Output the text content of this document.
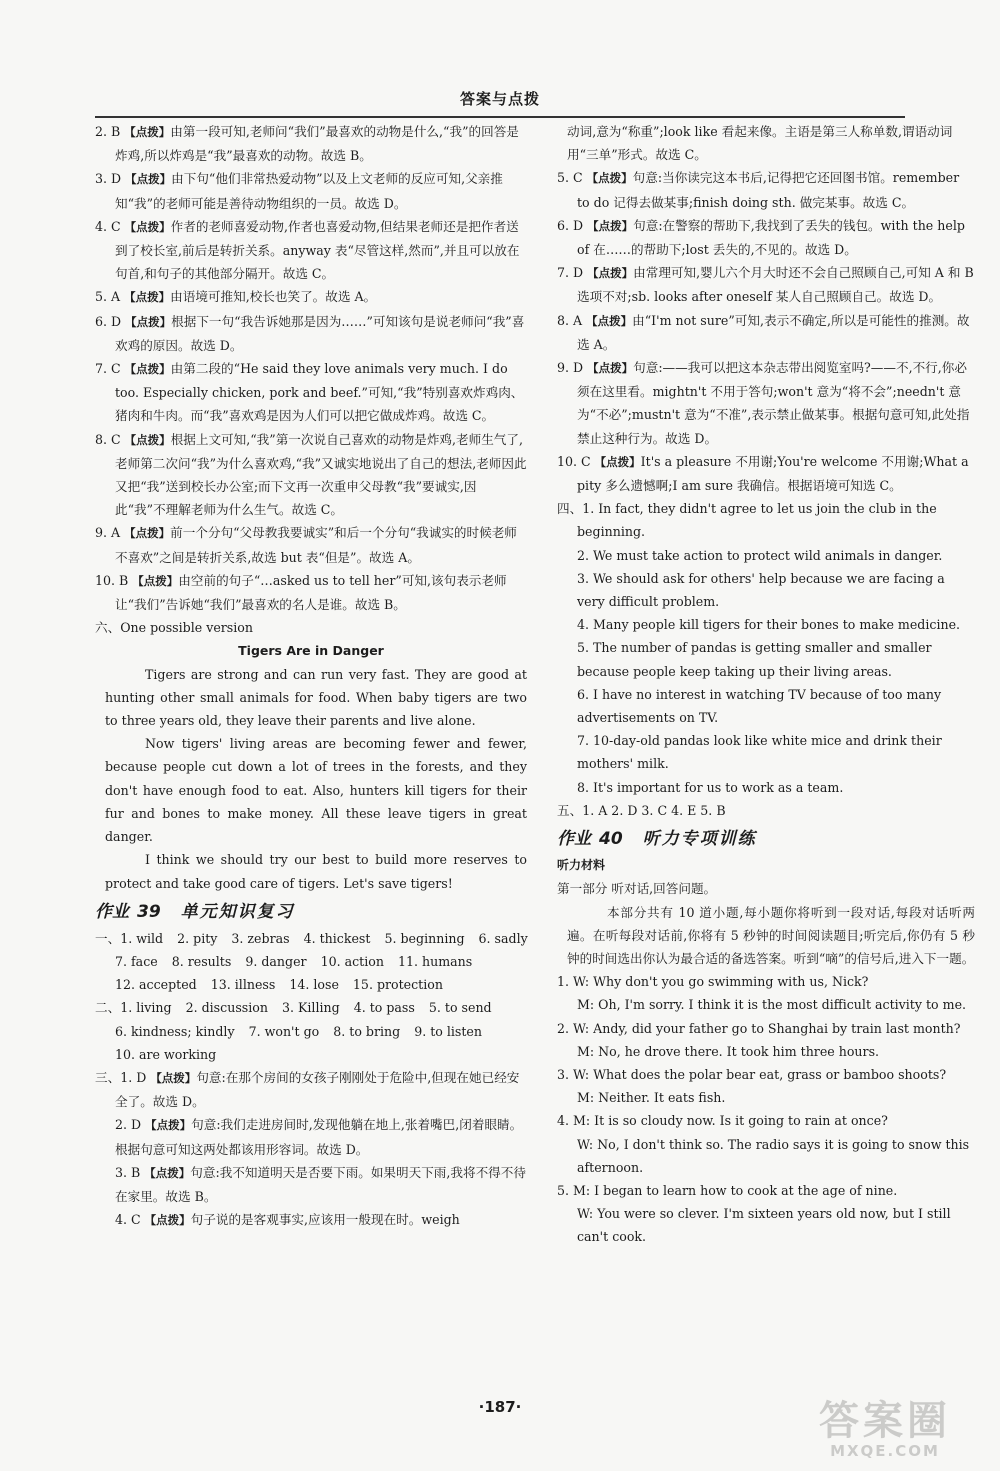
答案与点拨

2. B 【点拨】由第一段可知,老师问“我们”最喜欢的动物是什么,“我”的回答是炸鸡,所以炸鸡是“我”最喜欢的动物。故选 B。

3. D 【点拨】由下句“他们非常热爱动物”以及上文老师的反应可知,父亲推知“我”的老师可能是善待动物组织的一员。故选 D。

4. C 【点拨】作者的老师喜爱动物,作者也喜爱动物,但结果老师还是把作者送到了校长室,前后是转折关系。anyway 表“尽管这样,然而”,并且可以放在句首,和句子的其他部分隔开。故选 C。

5. A 【点拨】由语境可推知,校长也笑了。故选 A。

6. D 【点拨】根据下一句“我告诉她那是因为……”可知该句是说老师问“我”喜欢鸡的原因。故选 D。

7. C 【点拨】由第二段的“He said they love animals very much. I do too. Especially chicken, pork and beef.”可知,“我”特别喜欢炸鸡肉、猪肉和牛肉。而“我”喜欢鸡是因为人们可以把它做成炸鸡。故选 C。

8. C 【点拨】根据上文可知,“我”第一次说自己喜欢的动物是炸鸡,老师生气了,老师第二次问“我”为什么喜欢鸡,“我”又诚实地说出了自己的想法,老师因此又把“我”送到校长办公室;而下文再一次重申父母教“我”要诚实,因此“我”不理解老师为什么生气。故选 C。

9. A 【点拨】前一个分句“父母教我要诚实”和后一个分句“我诚实的时候老师不喜欢”之间是转折关系,故选 but 表“但是”。故选 A。

10. B 【点拨】由空前的句子“…asked us to tell her”可知,该句表示老师让“我们”告诉她“我们”最喜欢的名人是谁。故选 B。

六、One possible version

Tigers Are in Danger

Tigers are strong and can run very fast. They are good at hunting other small animals for food. When baby tigers are two to three years old, they leave their parents and live alone.

Now tigers' living areas are becoming fewer and fewer, because people cut down a lot of trees in the forests, and they don't have enough food to eat. Also, hunters kill tigers for their fur and bones to make money. All these leave tigers in great danger.

I think we should try our best to build more reserves to protect and take good care of tigers. Let's save tigers!

作业 39 单元知识复习

一、1. wild 2. pity 3. zebras 4. thickest 5. beginning 6. sadly
7. face 8. results 9. danger 10. action 11. humans
12. accepted 13. illness 14. lose 15. protection
二、1. living 2. discussion 3. Killing 4. to pass 5. to send
6. kindness; kindly 7. won't go 8. to bring 9. to listen
10. are working

三、1. D 【点拨】句意:在那个房间的女孩子刚刚处于危险中,但现在她已经安全了。故选 D。

2. D 【点拨】句意:我们走进房间时,发现他躺在地上,张着嘴巴,闭着眼睛。根据句意可知这两处都该用形容词。故选 D。

3. B 【点拨】句意:我不知道明天是否要下雨。如果明天下雨,我将不得不待在家里。故选 B。

4. C 【点拨】句子说的是客观事实,应该用一般现在时。weigh

动词,意为“称重”;look like 看起来像。主语是第三人称单数,谓语动词用“三单”形式。故选 C。

5. C 【点拨】句意:当你读完这本书后,记得把它还回图书馆。remember to do 记得去做某事;finish doing sth. 做完某事。故选 C。

6. D 【点拨】句意:在警察的帮助下,我找到了丢失的钱包。with the help of 在……的帮助下;lost 丢失的,不见的。故选 D。

7. D 【点拨】由常理可知,婴儿六个月大时还不会自己照顾自己,可知 A 和 B 选项不对;sb. looks after oneself 某人自己照顾自己。故选 D。

8. A 【点拨】由“I'm not sure”可知,表示不确定,所以是可能性的推测。故选 A。

9. D 【点拨】句意:——我可以把这本杂志带出阅览室吗?——不,不行,你必须在这里看。mightn't 不用于答句;won't 意为“将不会”;needn't 意为“不必”;mustn't 意为“不准”,表示禁止做某事。根据句意可知,此处指禁止这种行为。故选 D。

10. C 【点拨】It's a pleasure 不用谢;You're welcome 不用谢;What a pity 多么遗憾啊;I am sure 我确信。根据语境可知选 C。

四、1. In fact, they didn't agree to let us join the club in the beginning.

2. We must take action to protect wild animals in danger.

3. We should ask for others' help because we are facing a very difficult problem.

4. Many people kill tigers for their bones to make medicine.

5. The number of pandas is getting smaller and smaller because people keep taking up their living areas.

6. I have no interest in watching TV because of too many advertisements on TV.

7. 10-day-old pandas look like white mice and drink their mothers' milk.

8. It's important for us to work as a team.

五、1. A 2. D 3. C 4. E 5. B

作业 40 听力专项训练

听力材料

第一部分 听对话,回答问题。

本部分共有 10 道小题,每小题你将听到一段对话,每段对话听两遍。在听每段对话前,你将有 5 秒钟的时间阅读题目;听完后,你仍有 5 秒钟的时间选出你认为最合适的备选答案。听到“嘀”的信号后,进入下一题。

1. W: Why don't you go swimming with us, Nick?

M: Oh, I'm sorry. I think it is the most difficult activity to me.

2. W: Andy, did your father go to Shanghai by train last month?

M: No, he drove there. It took him three hours.

3. W: What does the polar bear eat, grass or bamboo shoots?

M: Neither. It eats fish.

4. M: It is so cloudy now. Is it going to rain at once?

W: No, I don't think so. The radio says it is going to snow this afternoon.

5. M: I began to learn how to cook at the age of nine.

W: You were so clever. I'm sixteen years old now, but I still can't cook.

·187·	答案圈
MXQE.COM
